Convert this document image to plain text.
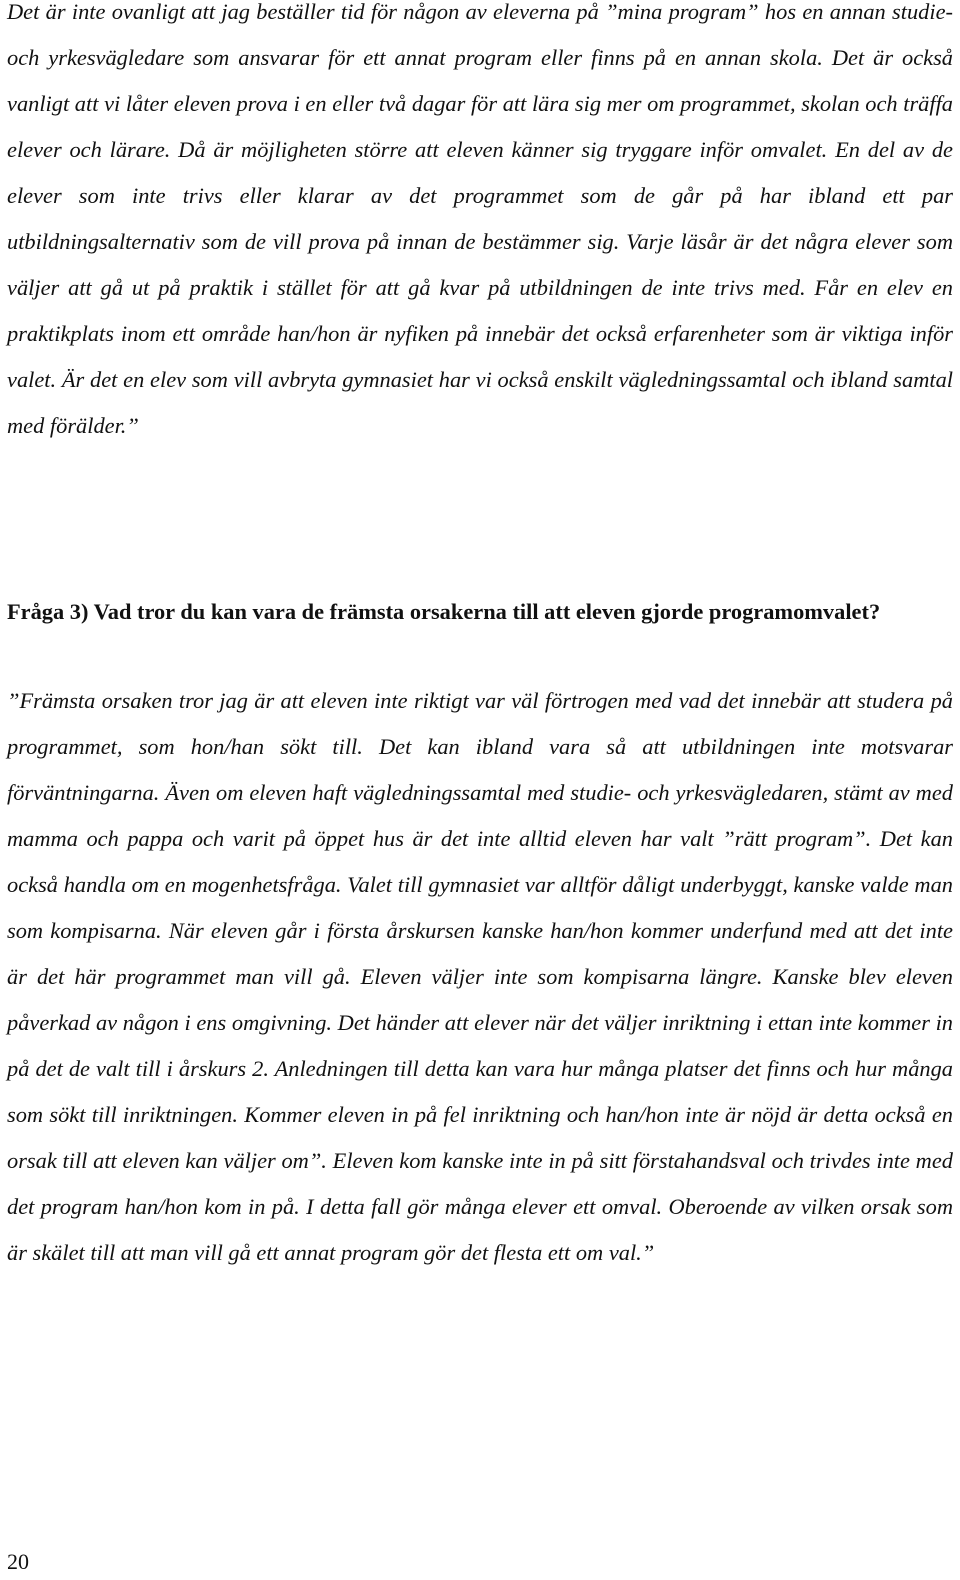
Det är inte ovanligt att jag beställer tid för någon av eleverna på ”mina program” hos en annan studie- och yrkesvägledare som ansvarar för ett annat program eller finns på en annan skola. Det är också vanligt att vi låter eleven prova i en eller två dagar för att lära sig mer om programmet, skolan och träffa elever och lärare. Då är möjligheten större att eleven känner sig tryggare inför omvalet. En del av de elever som inte trivs eller klarar av det programmet som de går på har ibland ett par utbildningsalternativ som de vill prova på innan de bestämmer sig. Varje läsår är det några elever som väljer att gå ut på praktik i stället för att gå kvar på utbildningen de inte trivs med. Får en elev en praktikplats inom ett område han/hon är nyfiken på innebär det också erfarenheter som är viktiga inför valet. Är det en elev som vill avbryta gymnasiet har vi också enskilt vägledningssamtal och ibland samtal med förälder.”

Fråga 3) Vad tror du kan vara de främsta orsakerna till att eleven gjorde programomvalet?

”Främsta orsaken tror jag är att eleven inte riktigt var väl förtrogen med vad det innebär att studera på programmet, som hon/han sökt till. Det kan ibland vara så att utbildningen inte motsvarar förväntningarna. Även om eleven haft vägledningssamtal med studie- och yrkesvägledaren, stämt av med mamma och pappa och varit på öppet hus är det inte alltid eleven har valt ”rätt program”. Det kan också handla om en mogenhetsfråga. Valet till gymnasiet var alltför dåligt underbyggt, kanske valde man som kompisarna. När eleven går i första årskursen kanske han/hon kommer underfund med att det inte är det här programmet man vill gå. Eleven väljer inte som kompisarna längre. Kanske blev eleven påverkad av någon i ens omgivning. Det händer att elever när det väljer inriktning i ettan inte kommer in på det de valt till i årskurs 2. Anledningen till detta kan vara hur många platser det finns och hur många som sökt till inriktningen. Kommer eleven in på fel inriktning och han/hon inte är nöjd är detta också en orsak till att eleven kan väljer om”. Eleven kom kanske inte in på sitt förstahandsval och trivdes inte med det program han/hon kom in på. I detta fall gör många elever ett omval. Oberoende av vilken orsak som är skälet till att man vill gå ett annat program gör det flesta ett om val.”

20
